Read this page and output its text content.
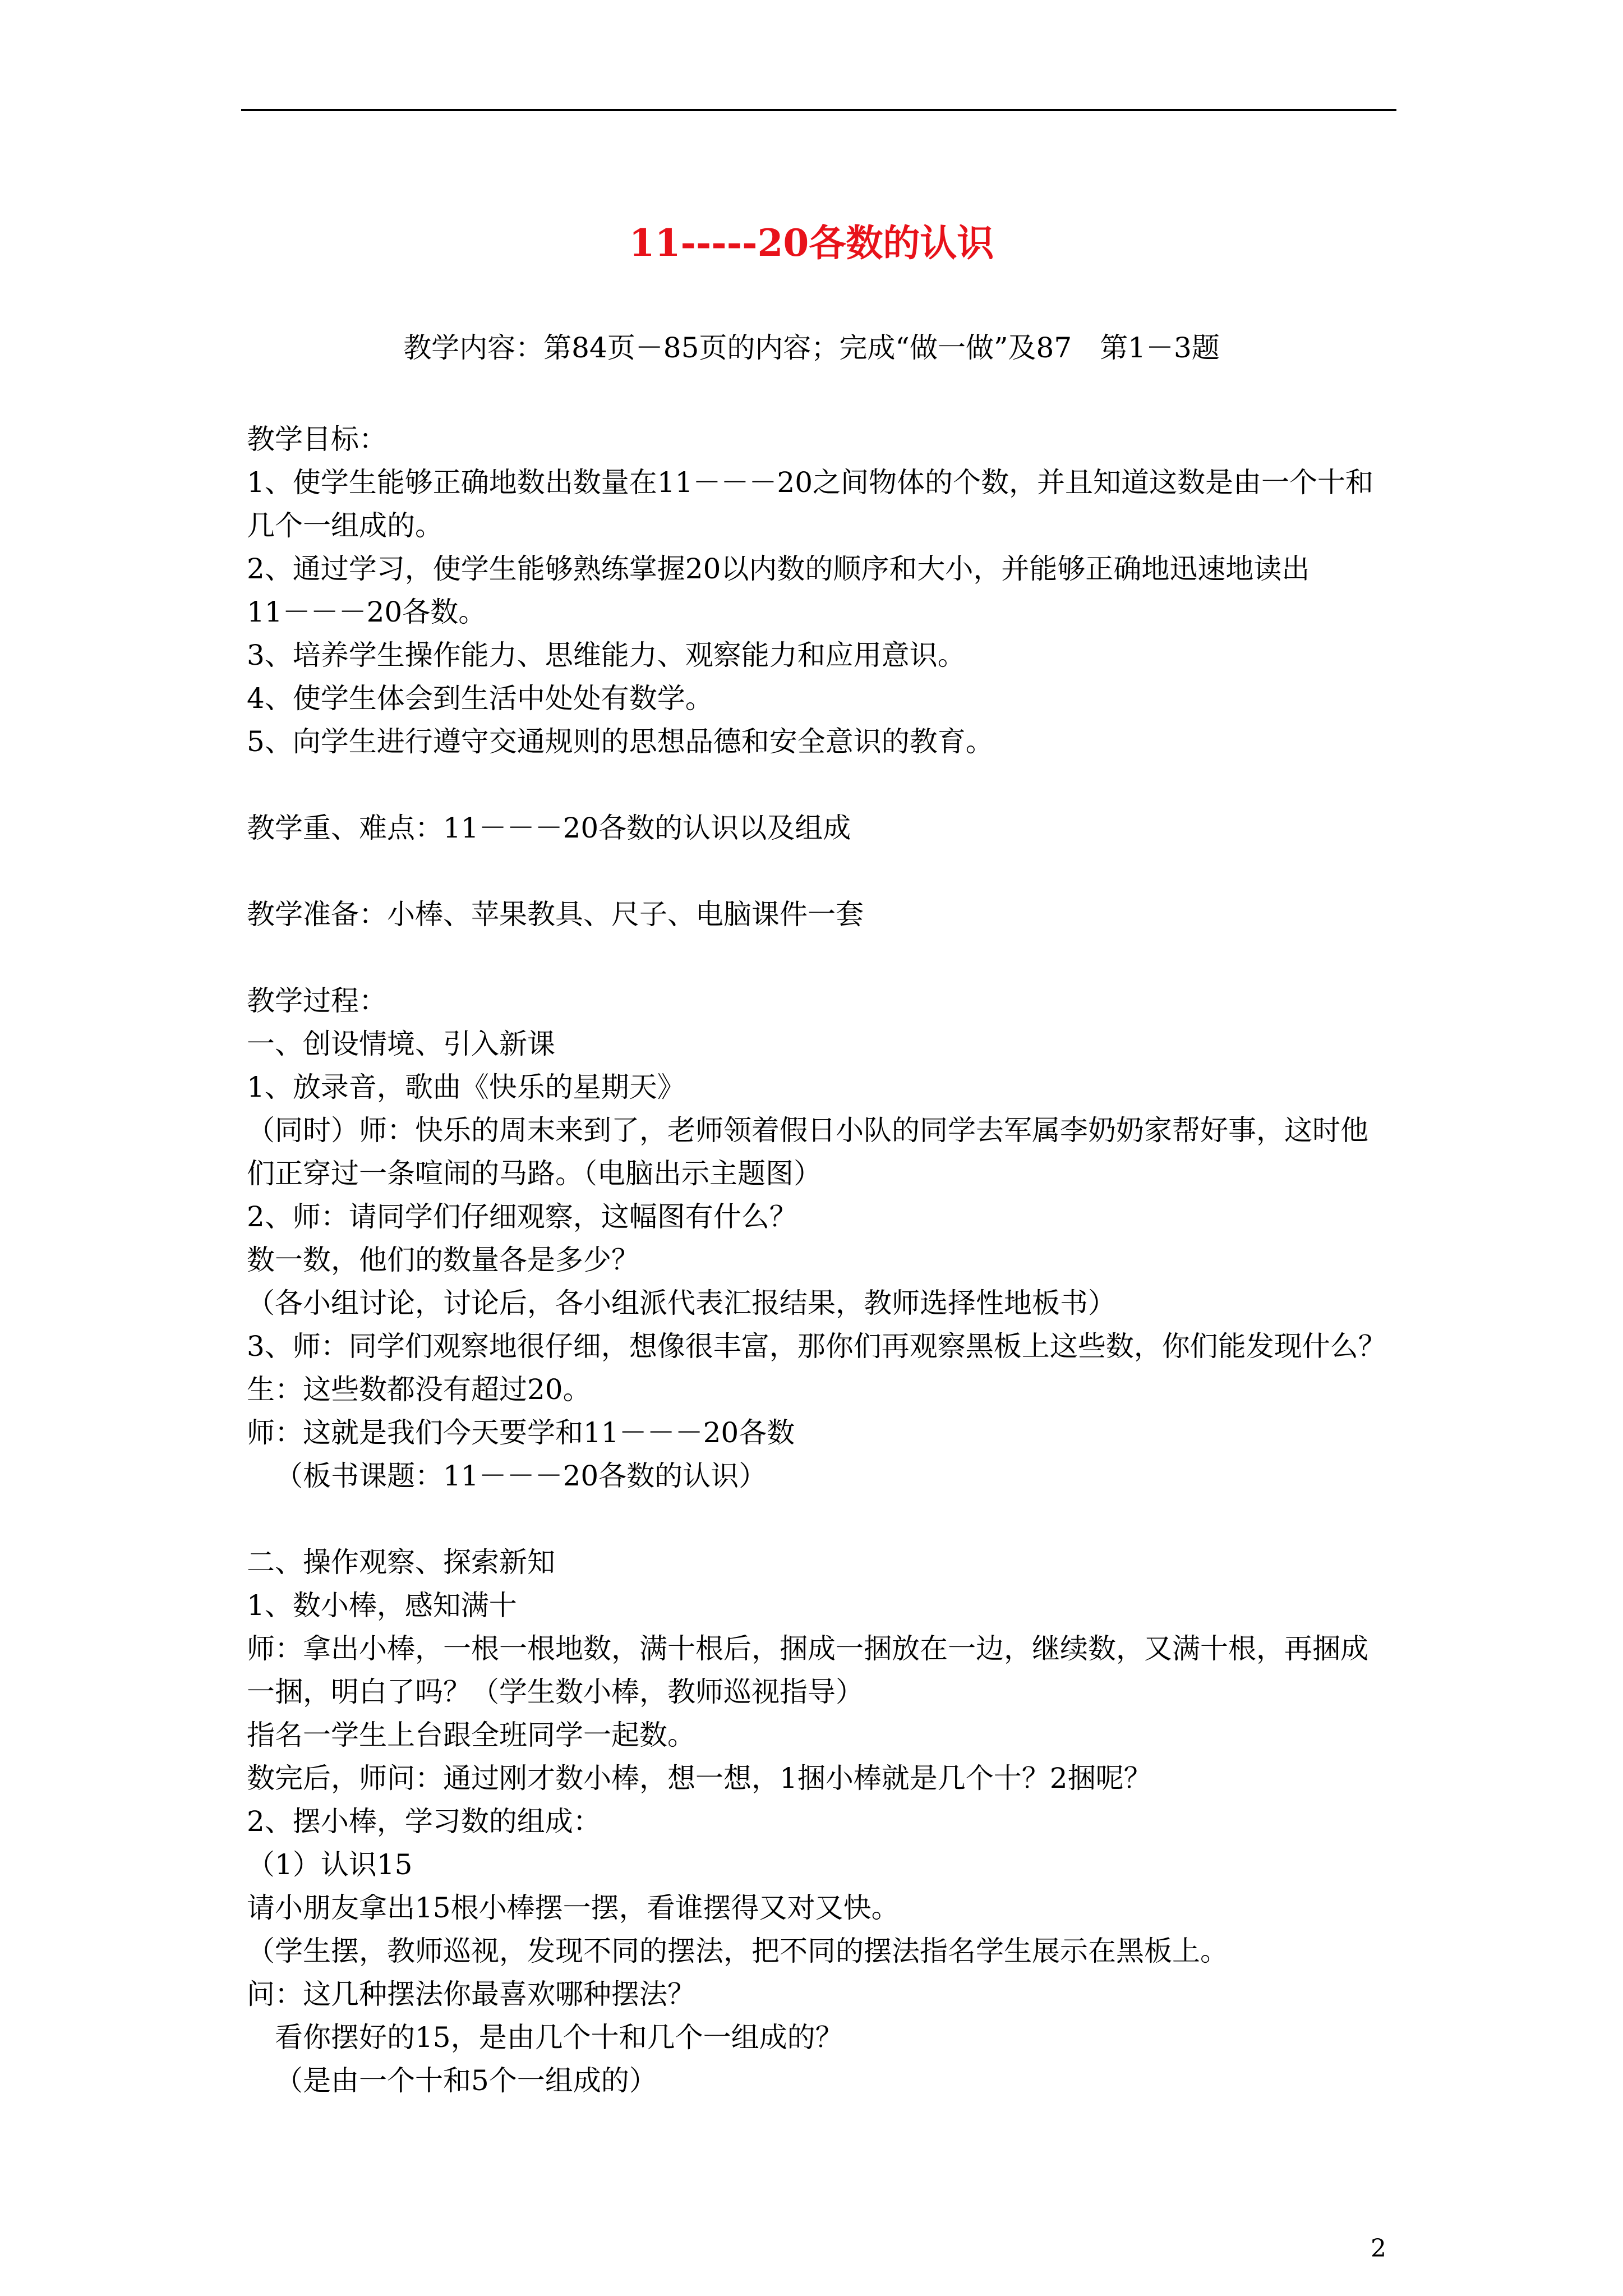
11-----20各数的认识
教学内容：第84页－85页的内容；完成“做一做”及87　第1－3题
教学目标：
1、使学生能够正确地数出数量在11－－－20之间物体的个数，并且知道这数是由一个十和
几个一组成的。
2、通过学习，使学生能够熟练掌握20以内数的顺序和大小，并能够正确地迅速地读出
11－－－20各数。
3、培养学生操作能力、思维能力、观察能力和应用意识。
4、使学生体会到生活中处处有数学。
5、向学生进行遵守交通规则的思想品德和安全意识的教育。
教学重、难点：11－－－20各数的认识以及组成
教学准备：小棒、苹果教具、尺子、电脑课件一套
教学过程：
一、创设情境、引入新课
1、放录音，歌曲《快乐的星期天》
（同时）师：快乐的周末来到了，老师领着假日小队的同学去军属李奶奶家帮好事，这时他
们正穿过一条喧闹的马路。（电脑出示主题图）
2、师：请同学们仔细观察，这幅图有什么？
数一数，他们的数量各是多少？
（各小组讨论，讨论后，各小组派代表汇报结果，教师选择性地板书）
3、师：同学们观察地很仔细，想像很丰富，那你们再观察黑板上这些数，你们能发现什么？
生：这些数都没有超过20。
师：这就是我们今天要学和11－－－20各数
（板书课题：11－－－20各数的认识）
二、操作观察、探索新知
1、数小棒，感知满十
师：拿出小棒，一根一根地数，满十根后，捆成一捆放在一边，继续数，又满十根，再捆成
一捆，明白了吗？（学生数小棒，教师巡视指导）
指名一学生上台跟全班同学一起数。
数完后，师问：通过刚才数小棒，想一想，1捆小棒就是几个十？2捆呢？
2、摆小棒，学习数的组成：
（1）认识15
请小朋友拿出15根小棒摆一摆，看谁摆得又对又快。
（学生摆，教师巡视，发现不同的摆法，把不同的摆法指名学生展示在黑板上。
问：这几种摆法你最喜欢哪种摆法？
看你摆好的15，是由几个十和几个一组成的？
（是由一个十和5个一组成的）
2
